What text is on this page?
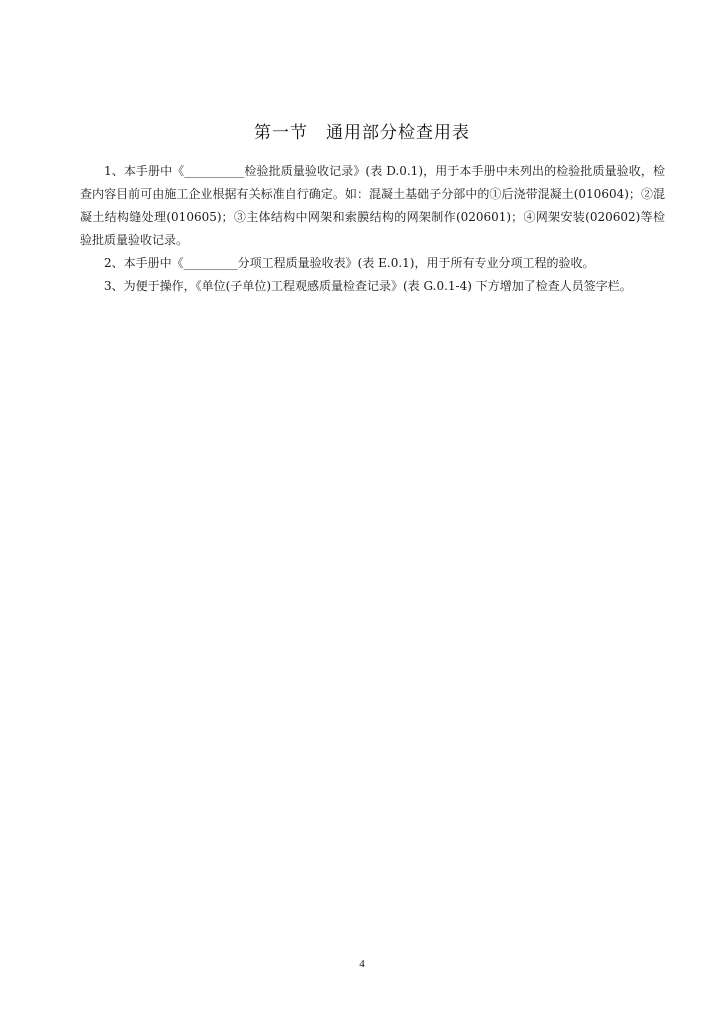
第一节　通用部分检查用表

1、本手册中《__________检验批质量验收记录》(表 D.0.1)，用于本手册中未列出的检验批质量验收，检查内容目前可由施工企业根据有关标准自行确定。如：混凝土基础子分部中的①后浇带混凝土(010604)；②混凝土结构缝处理(010605)；③主体结构中网架和索膜结构的网架制作(020601)；④网架安装(020602)等检验批质量验收记录。

2、本手册中《_________分项工程质量验收表》(表 E.0.1)，用于所有专业分项工程的验收。

3、为便于操作，《单位(子单位)工程观感质量检查记录》(表 G.0.1-4) 下方增加了检查人员签字栏。

4
